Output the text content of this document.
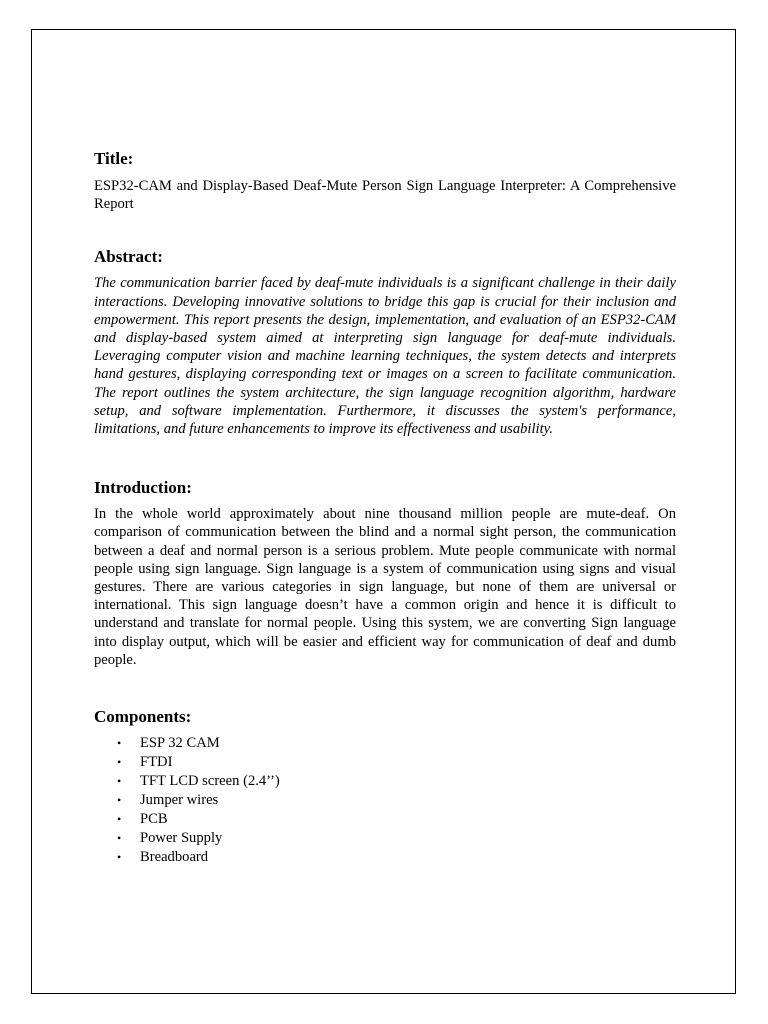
Title:

ESP32-CAM and Display-Based Deaf-Mute Person Sign Language Interpreter: A Comprehensive Report

Abstract:

The communication barrier faced by deaf-mute individuals is a significant challenge in their daily interactions. Developing innovative solutions to bridge this gap is crucial for their inclusion and empowerment. This report presents the design, implementation, and evaluation of an ESP32-CAM and display-based system aimed at interpreting sign language for deaf-mute individuals. Leveraging computer vision and machine learning techniques, the system detects and interprets hand gestures, displaying corresponding text or images on a screen to facilitate communication. The report outlines the system architecture, the sign language recognition algorithm, hardware setup, and software implementation. Furthermore, it discusses the system's performance, limitations, and future enhancements to improve its effectiveness and usability.

Introduction:

In the whole world approximately about nine thousand million people are mute-deaf. On comparison of communication between the blind and a normal sight person, the communication between a deaf and normal person is a serious problem. Mute people communicate with normal people using sign language. Sign language is a system of communication using signs and visual gestures. There are various categories in sign language, but none of them are universal or international. This sign language doesn’t have a common origin and hence it is difficult to understand and translate for normal people. Using this system, we are converting Sign language into display output, which will be easier and efficient way for communication of deaf and dumb people.

Components:
• ESP 32 CAM
• FTDI
• TFT LCD screen (2.4’’)
• Jumper wires
• PCB
• Power Supply
• Breadboard
